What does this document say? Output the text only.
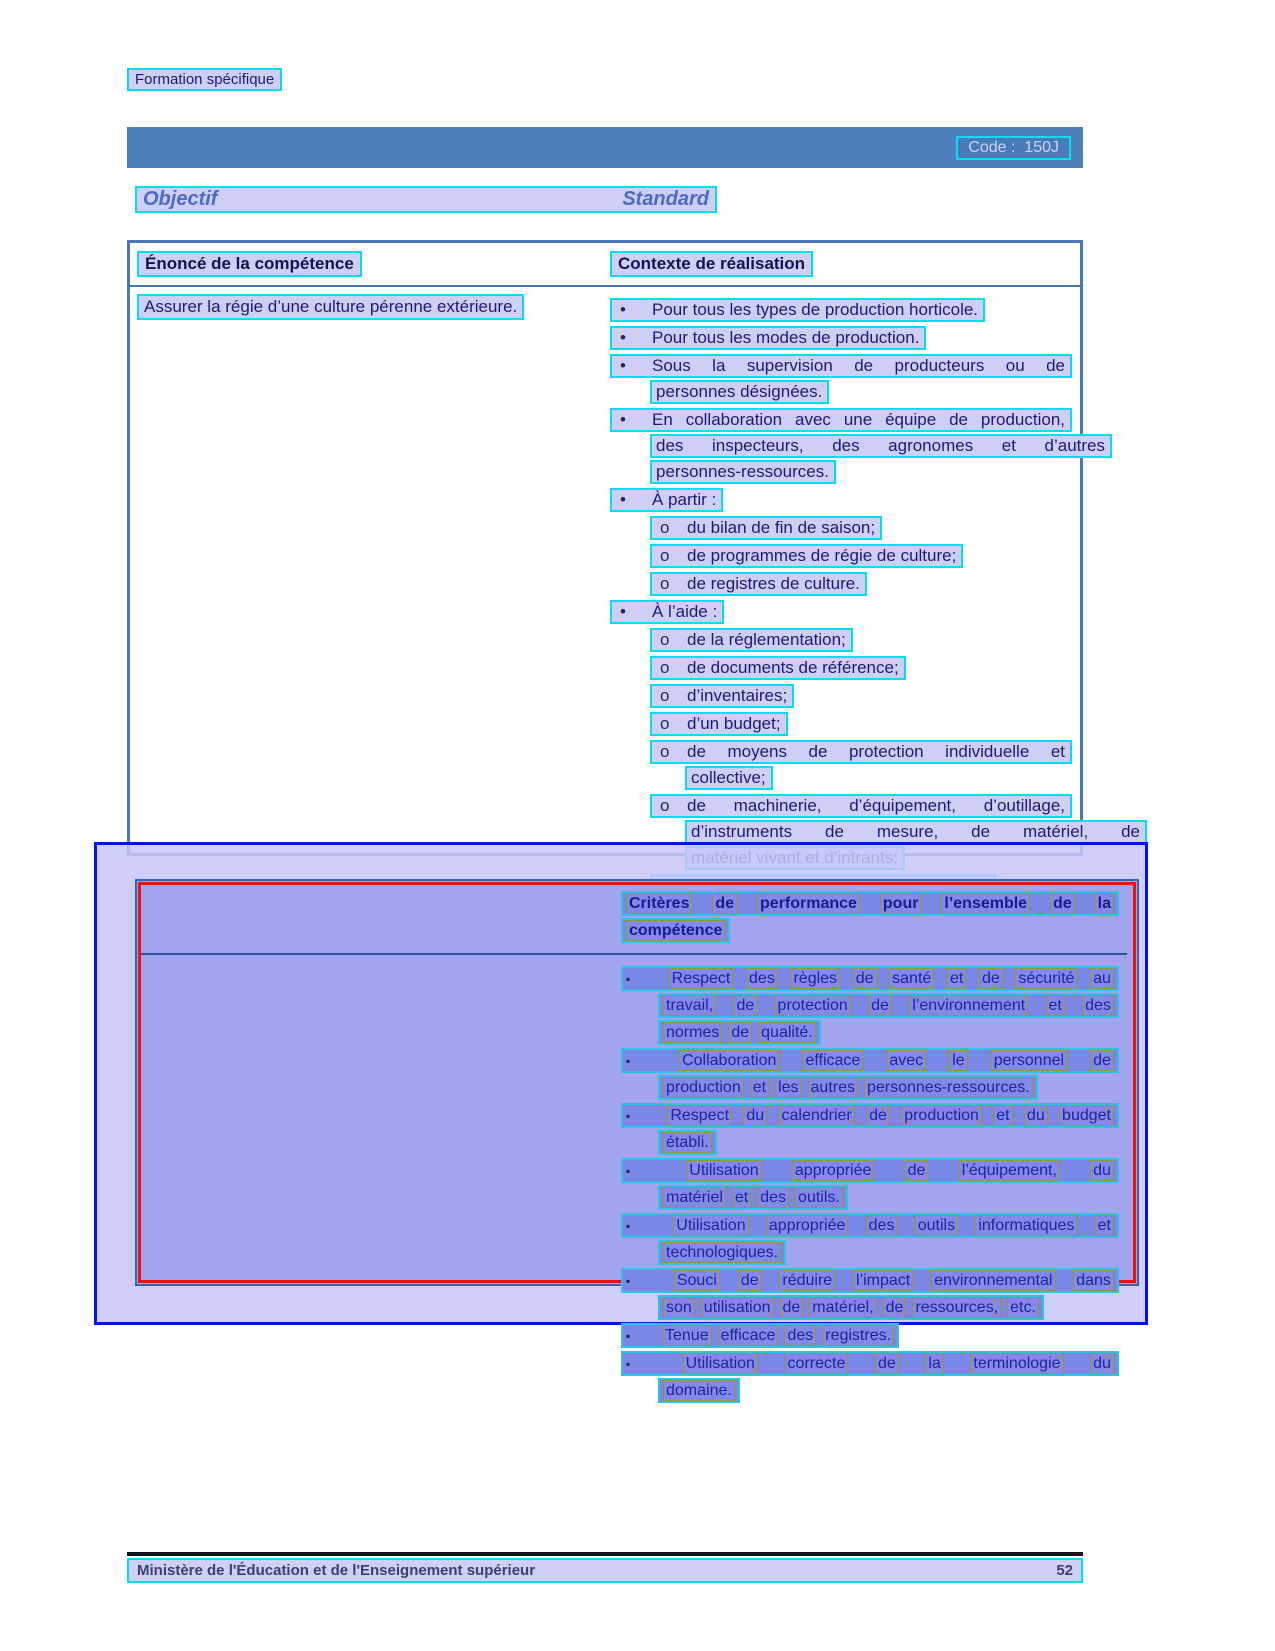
Formation spécifique
Code :  150J
Objectif	Standard
Énoncé de la compétence	Contexte de réalisation
Assurer la régie d’une culture pérenne extérieure.	• Pour tous les types de production horticole.
• Pour tous les modes de production.
• Sous la supervision de producteurs ou de
personnes désignées.
• En collaboration avec une équipe de production,
des inspecteurs, des agronomes et d’autres
personnes-ressources.
• À partir :
o du bilan de fin de saison;
o de programmes de régie de culture;
o de registres de culture.
• À l’aide :
o de la réglementation;
o de documents de référence;
o d’inventaires;
o d’un budget;
o de moyens de protection individuelle et
collective;
o de machinerie, d’équipement, d’outillage,
d’instruments de mesure, de matériel, de
Critères de performance pour l’ensemble de la
compétence
▪	Respect des règles de santé et de sécurité au
travail, de protection de l’environnement et des
normes de qualité.
▪	Collaboration efficace avec le personnel de
production et les autres personnes-ressources.
▪	Respect du calendrier de production et du budget
établi.
▪	Utilisation appropriée de l’équipement, du
matériel et des outils.
▪	Utilisation appropriée des outils informatiques et
technologiques.
▪	Souci de réduire l’impact environnemental dans
son utilisation de matériel, de ressources, etc.
▪	Tenue efficace des registres.
▪	Utilisation correcte de la terminologie du
domaine.
Ministère de l'Éducation et de l'Enseignement supérieur	52
